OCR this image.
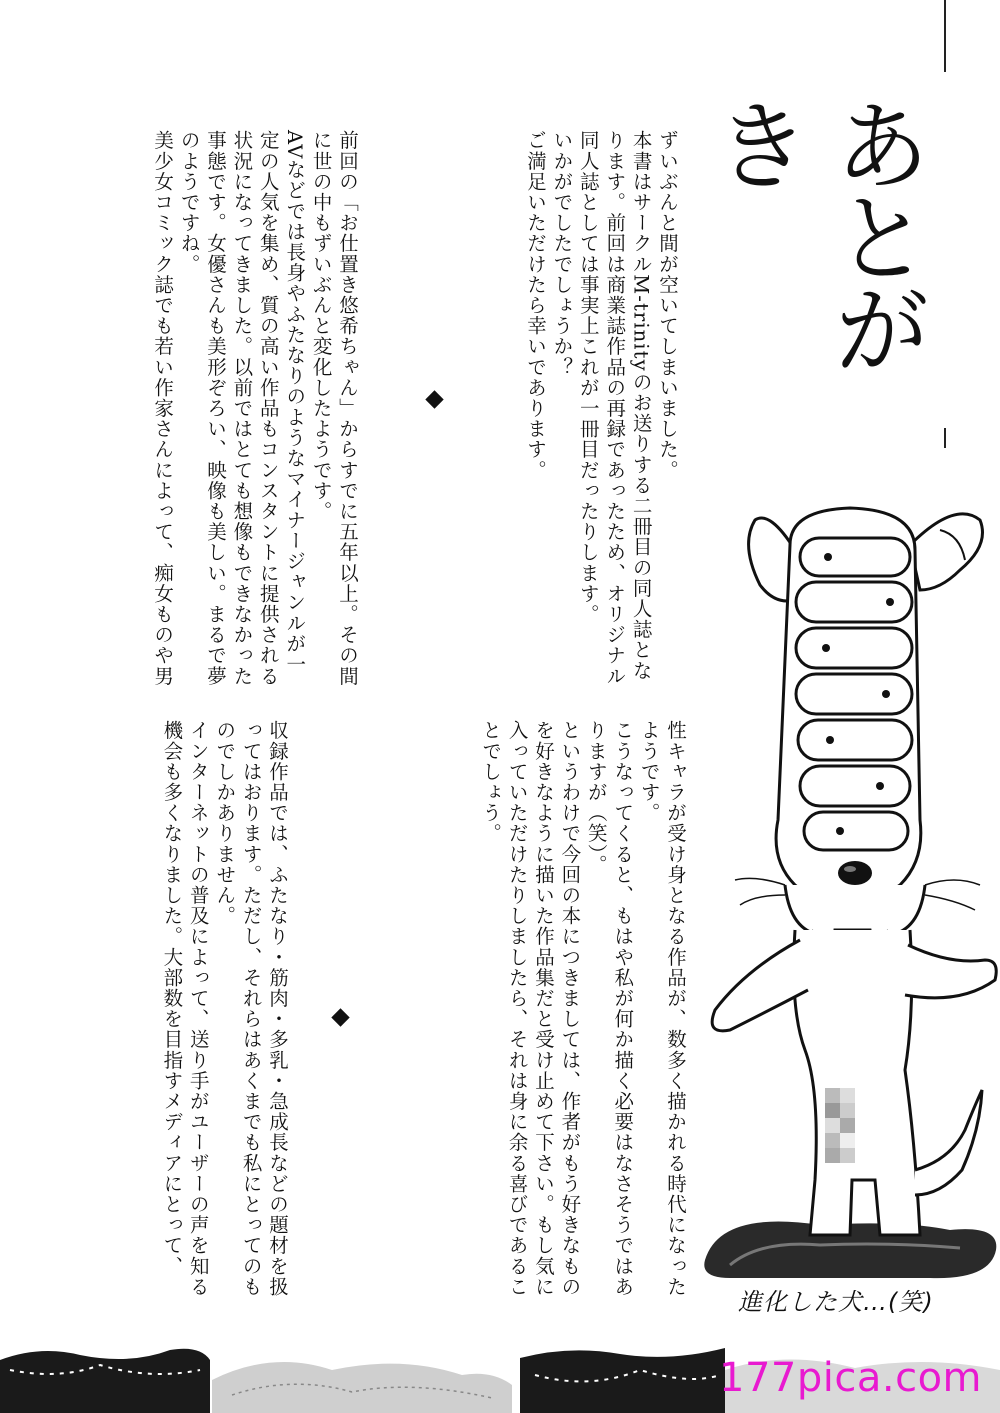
あとがき

ずいぶんと間が空いてしまいました。

本書はサークルM-trinityのお送りする二冊目の同人誌となります。前回は商業誌作品の再録であったため、オリジナル同人誌としては事実上これが一冊目だったりします。

いかがでしたでしょうか？

ご満足いただけたら幸いであります。

前回の「お仕置き悠希ちゃん」からすでに五年以上。その間に世の中もずいぶんと変化したようです。

AVなどでは長身やふたなりのようなマイナージャンルが一定の人気を集め、質の高い作品もコンスタントに提供される状況になってきました。以前ではとても想像もできなかった事態です。女優さんも美形ぞろい、映像も美しい。まるで夢のようですね。

美少女コミック誌でも若い作家さんによって、痴女ものや男

性キャラが受け身となる作品が、数多く描かれる時代になったようです。

こうなってくると、もはや私が何か描く必要はなさそうではありますが（笑）。

というわけで今回の本につきましては、作者がもう好きなものを好きなように描いた作品集だと受け止めて下さい。もし気に入っていただけたりしましたら、それは身に余る喜びであることでしょう。

収録作品では、ふたなり・筋肉・多乳・急成長などの題材を扱ってはおります。ただし、それらはあくまでも私にとってのものでしかありません。

インターネットの普及によって、送り手がユーザーの声を知る機会も多くなりました。大部数を目指すメディアにとって、

進化した犬…(笑)
177pica.com
